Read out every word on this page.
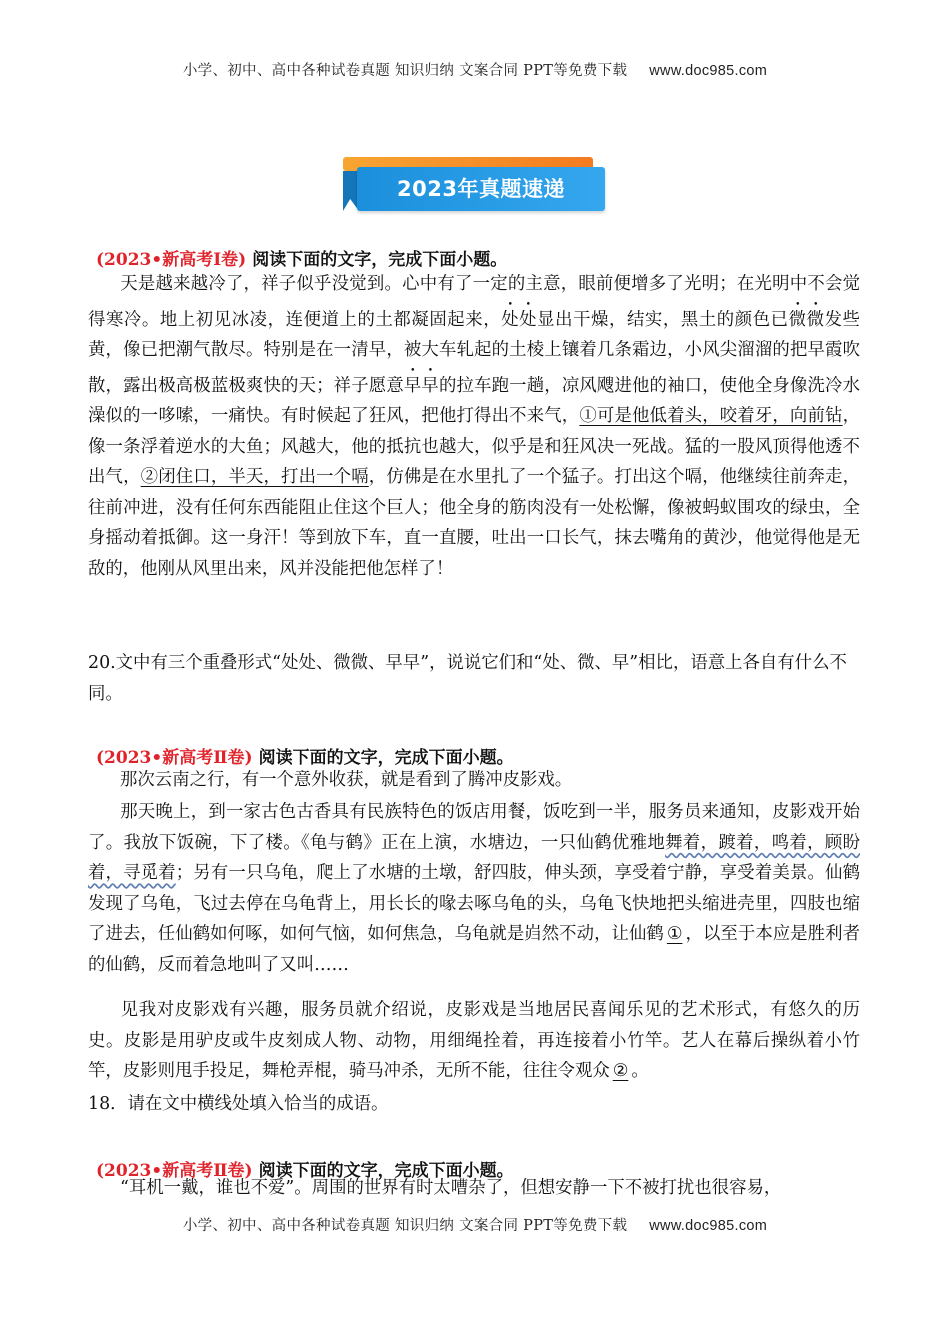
小学、初中、高中各种试卷真题 知识归纳 文案合同 PPT等免费下载 www.doc985.com
2023年真题速递
(2023•新高考Ⅰ卷) 阅读下面的文字，完成下面小题。

天是越来越冷了，祥子似乎没觉到。心中有了一定的主意，眼前便增多了光明；在光明中不会觉得寒冷。地上初见冰凌，连便道上的土都凝固起来，处处显出干燥，结实，黑土的颜色已微微发些黄，像已把潮气散尽。特别是在一清早，被大车轧起的土棱上镶着几条霜边，小风尖溜溜的把早霞吹散，露出极高极蓝极爽快的天；祥子愿意早早的拉车跑一趟，凉风飕进他的袖口，使他全身像洗冷水澡似的一哆嗦，一痛快。有时候起了狂风，把他打得出不来气，①可是他低着头，咬着牙，向前钻，像一条浮着逆水的大鱼；风越大，他的抵抗也越大，似乎是和狂风决一死战。猛的一股风顶得他透不出气，②闭住口，半天，打出一个嗝，仿佛是在水里扎了一个猛子。打出这个嗝，他继续往前奔走，往前冲进，没有任何东西能阻止住这个巨人；他全身的筋肉没有一处松懈，像被蚂蚁围攻的绿虫，全身摇动着抵御。这一身汗！等到放下车，直一直腰，吐出一口长气，抹去嘴角的黄沙，他觉得他是无敌的，他刚从风里出来，风并没能把他怎样了！

20.文中有三个重叠形式“处处、微微、早早”，说说它们和“处、微、早”相比，语意上各自有什么不同。

(2023•新高考Ⅱ卷) 阅读下面的文字，完成下面小题。

那次云南之行，有一个意外收获，就是看到了腾冲皮影戏。

那天晚上，到一家古色古香具有民族特色的饭店用餐，饭吃到一半，服务员来通知，皮影戏开始了。我放下饭碗，下了楼。《龟与鹤》正在上演，水塘边，一只仙鹤优雅地舞着，踱着，鸣着，顾盼着，寻觅着；另有一只乌龟，爬上了水塘的土墩，舒四肢，伸头颈，享受着宁静，享受着美景。仙鹤发现了乌龟，飞过去停在乌龟背上，用长长的喙去啄乌龟的头，乌龟飞快地把头缩进壳里，四肢也缩了进去，任仙鹤如何啄，如何气恼，如何焦急，乌龟就是岿然不动，让仙鹤 ① ，以至于本应是胜利者的仙鹤，反而着急地叫了又叫……

见我对皮影戏有兴趣，服务员就介绍说，皮影戏是当地居民喜闻乐见的艺术形式，有悠久的历史。皮影是用驴皮或牛皮刻成人物、动物，用细绳拴着，再连接着小竹竿。艺人在幕后操纵着小竹竿，皮影则甩手投足，舞枪弄棍，骑马冲杀，无所不能，往往令观众 ② 。

18．请在文中横线处填入恰当的成语。

(2023•新高考Ⅱ卷) 阅读下面的文字，完成下面小题。

“耳机一戴，谁也不爱”。周围的世界有时太嘈杂了，但想安静一下不被打扰也很容易，

小学、初中、高中各种试卷真题 知识归纳 文案合同 PPT等免费下载 www.doc985.com
